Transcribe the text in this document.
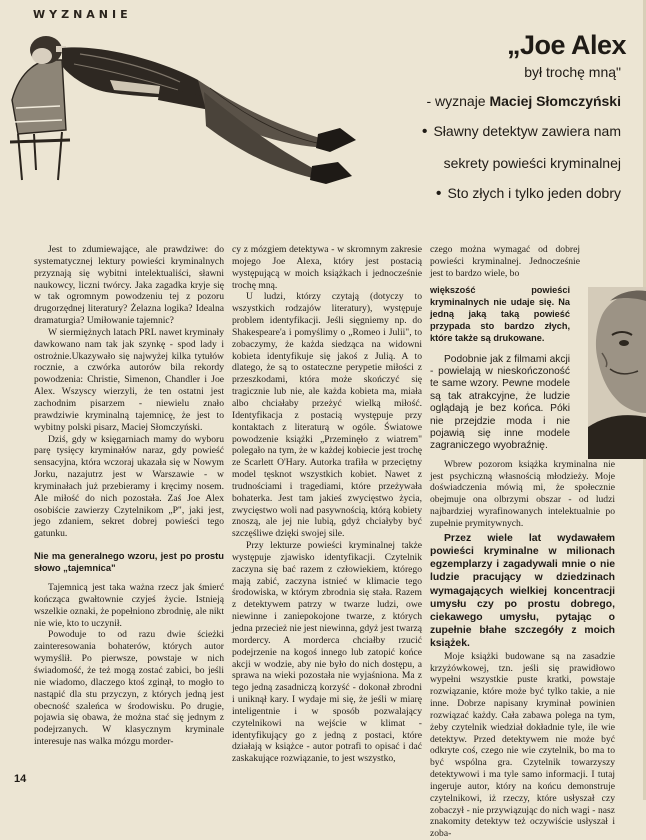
WYZNANIE
„Joe Alex
był trochę mną"
- wyznaje Maciej Słomczyński
• Sławny detektyw zawiera nam
sekrety powieści kryminalnej
• Sto złych i tylko jeden dobry

Jest to zdumiewające, ale prawdziwe: do systematycznej lektury powieści kryminalnych przyznają się wybitni intelektualiści, sławni naukowcy, liczni twórcy. Jaka zagadka kryje się w tak ogromnym powodzeniu tej z pozoru drugorzędnej literatury? Żelazna logika? Idealna dramaturgia? Umiłowanie tajemnic?

W siermiężnych latach PRL nawet kryminały dawkowano nam tak jak szynkę - spod lady i ostrożnie.Ukazywało się najwyżej kilka tytułów rocznie, a czwórka autorów bila rekordy powodzenia: Christie, Simenon, Chandler i Joe Alex. Wszyscy wierzyli, że ten ostatni jest zachodnim pisarzem - niewielu znało prawdziwie kryminalną tajemnicę, że jest to wybitny polski pisarz, Maciej Słomczyński.

Dziś, gdy w księgarniach mamy do wyboru parę tysięcy kryminałów naraz, gdy powieść sensacyjna, która wczoraj ukazała się w Nowym Jorku, nazajutrz jest w Warszawie - w kryminałach już przebieramy i kręcimy nosem. Ale miłość do nich pozostała. Zaś Joe Alex osobiście zawierzy Czytelnikom „P", jaki jest, jego zdaniem, sekret dobrej powieści tego gatunku.

Nie ma generalnego wzoru, jest po prostu słowo „tajemnica"

Tajemnicą jest taka ważna rzecz jak śmierć kończąca gwałtownie czyjeś życie. Istnieją wszelkie oznaki, że popełniono zbrodnię, ale nikt nie wie, kto to uczynił.

Powoduje to od razu dwie ścieżki zainteresowania bohaterów, których autor wymyślił. Po pierwsze, powstaje w nich świadomość, że też mogą zostać zabici, bo jeśli nie wiadomo, dlaczego ktoś zginął, to mogło to nastąpić dla stu przyczyn, z których jedną jest obecność szaleńca w środowisku. Po drugie, pojawia się obawa, że można stać się jednym z podejrzanych. W klasycznym kryminale interesuje nas walka mózgu morder-

cy z mózgiem detektywa - w skromnym zakresie mojego Joe Alexa, który jest postacią występującą w moich książkach i jednocześnie trochę mną.

U ludzi, którzy czytają (dotyczy to wszystkich rodzajów literatury), występuje problem identyfikacji. Jeśli sięgniemy np. do Shakespeare'a i pomyślimy o „Romeo i Julii", to zobaczymy, że każda siedząca na widowni kobieta identyfikuje się jakoś z Julią. A to dlatego, że są to ostateczne perypetie miłości z przeszkodami, która może skończyć się tragicznie lub nie, ale każda kobieta ma, miała albo chciałaby przeżyć wielką miłość. Identyfikacja z postacią występuje przy kontaktach z literaturą w ogóle. Światowe powodzenie książki „Przeminęło z wiatrem" polegało na tym, że w każdej kobiecie jest trochę ze Scarlett O'Hary. Autorka trafiła w przeciętny model tęsknot wszystkich kobiet. Nawet z trudnościami i tragediami, które przeżywała bohaterka. Jest tam jakieś zwycięstwo życia, zwycięstwo woli nad pasywnością, którą kobiety znoszą, ale jej nie lubią, gdyż chciałyby być szczęśliwe dzięki swojej sile.

Przy lekturze powieści kryminalnej także występuje zjawisko identyfikacji. Czytelnik zaczyna się bać razem z człowiekiem, którego mają zabić, zaczyna istnieć w klimacie tego środowiska, w którym zbrodnia się stała. Razem z detektywem patrzy w twarze ludzi, owe niewinne i zaniepokojone twarze, z których jedna przecież nie jest niewinna, gdyż jest twarzą mordercy. A morderca chciałby rzucić podejrzenie na kogoś innego lub zatopić końce akcji w wodzie, aby nie było do nich dostępu, a sprawa na wieki pozostała nie wyjaśniona. Ma z tego jedną zasadniczą korzyść - dokonał zbrodni i uniknął kary. I wydaje mi się, że jeśli w miarę inteligentnie i w sposób pozwalający czytelnikowi na wejście w klimat - identyfikujący go z jedną z postaci, które działają w książce - autor potrafi to opisać i dać zaskakujące rozwiązanie, to jest wszystko,

czego można wymagać od dobrej powieści kryminalnej. Jednocześnie jest to bardzo wiele, bo

większość powieści kryminalnych nie udaje się. Na jedną jaką taką powieść przypada sto bardzo złych, które także są drukowane.

Podobnie jak z filmami akcji - powielają w nieskończoność te same wzory. Pewne modele są tak atrakcyjne, że ludzie oglądają je bez końca. Póki nie przejdzie moda i nie pojawią się inne modele zagraniczego wyobraźnię.

Wbrew pozorom książka kryminalna nie jest psychiczną własnością młodzieży. Moje doświadczenia mówią mi, że społecznie obejmuje ona olbrzymi obszar - od ludzi najbardziej wyrafinowanych intelektualnie po zupełnie prymitywnych.

Przez wiele lat wydawałem powieści kryminalne w milionach egzemplarzy i zagadywali mnie o nie ludzie pracujący w dziedzinach wymagających wielkiej koncentracji umysłu czy po prostu dobrego, ciekawego umysłu, pytając o zupełnie błahe szczegóły z moich książek.

Moje książki budowane są na zasadzie krzyżówkowej, tzn. jeśli się prawidłowo wypełni wszystkie puste kratki, powstaje rozwiązanie, które może być tylko takie, a nie inne. Dobrze napisany kryminał powinien rozwiązać każdy. Cała zabawa polega na tym, żeby czytelnik wiedział dokładnie tyle, ile wie detektyw. Przed detektywem nie może być odkryte coś, czego nie wie czytelnik, bo ma to być wspólna gra. Czytelnik towarzyszy detektywowi i ma tyle samo informacji. I tutaj ingeruje autor, który na końcu demonstruje czytelnikowi, iż rzeczy, które usłyszał czy zobaczył - nie przywiązując do nich wagi - nasz znakomity detektyw też oczywiście usłyszał i zoba-

14
